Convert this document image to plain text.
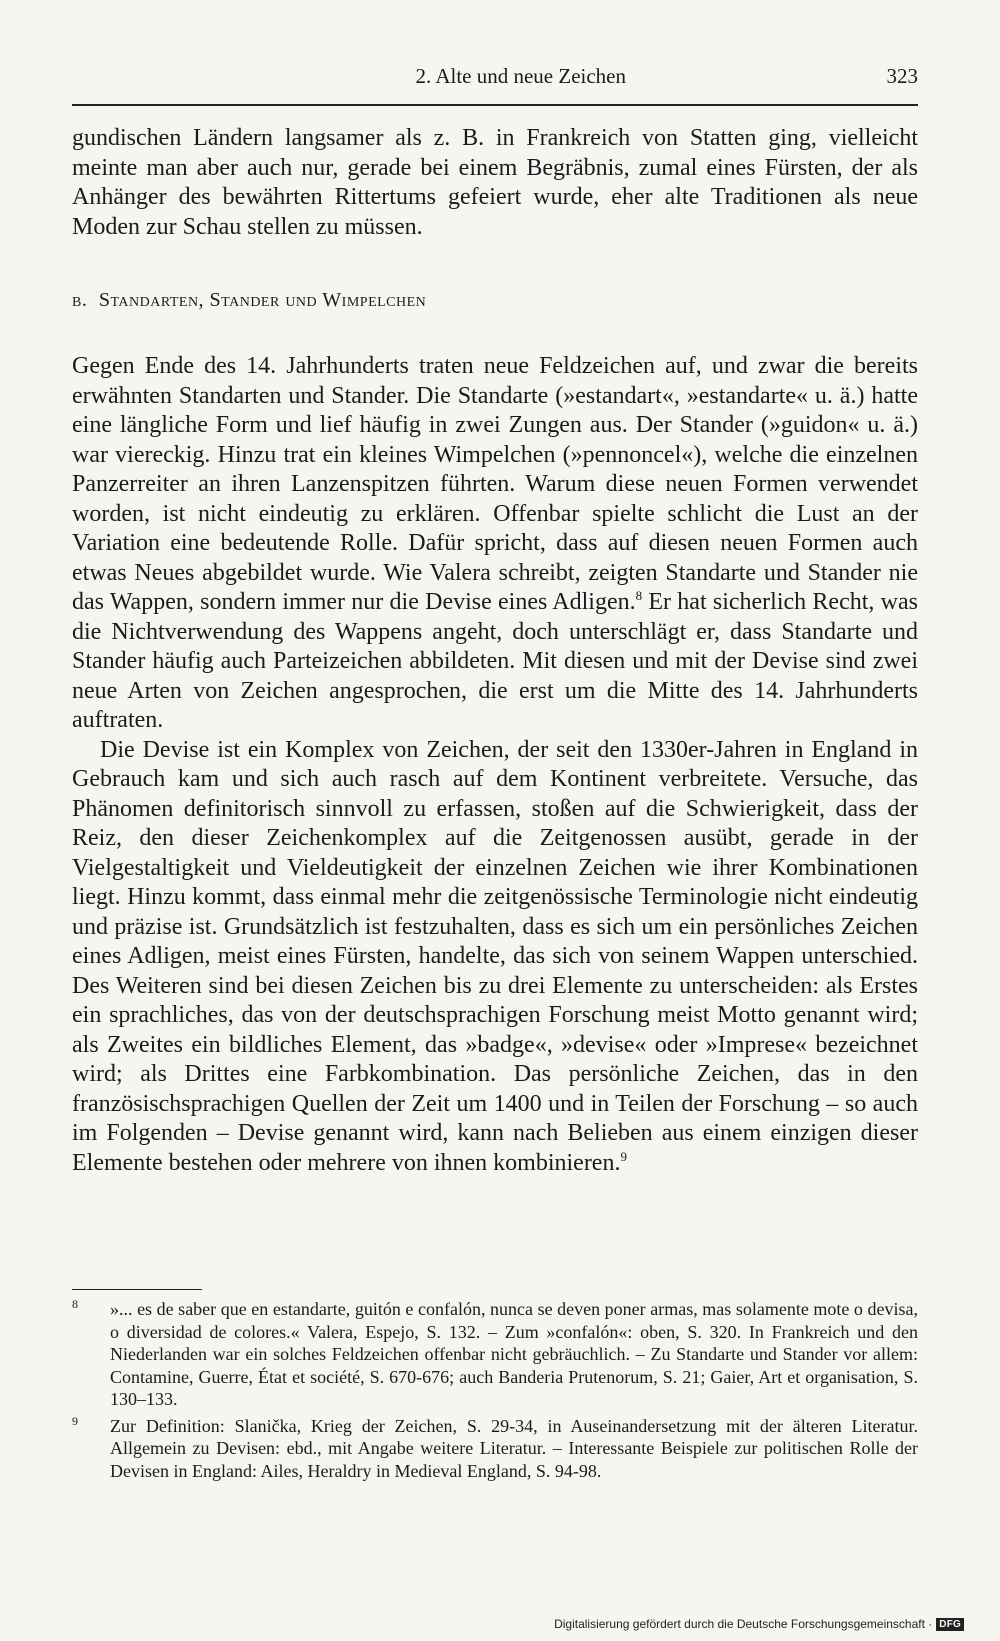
2. Alte und neue Zeichen	323

gundischen Ländern langsamer als z. B. in Frankreich von Statten ging, vielleicht meinte man aber auch nur, gerade bei einem Begräbnis, zumal eines Fürsten, der als Anhänger des bewährten Rittertums gefeiert wurde, eher alte Traditionen als neue Moden zur Schau stellen zu müssen.

b. Standarten, Stander und Wimpelchen

Gegen Ende des 14. Jahrhunderts traten neue Feldzeichen auf, und zwar die bereits erwähnten Standarten und Stander. Die Standarte (»estandart«, »estandarte« u. ä.) hatte eine längliche Form und lief häufig in zwei Zungen aus. Der Stander (»guidon« u. ä.) war viereckig. Hinzu trat ein kleines Wimpelchen (»pennoncel«), welche die einzelnen Panzerreiter an ihren Lanzenspitzen führten. Warum diese neuen Formen verwendet worden, ist nicht eindeutig zu erklären. Offenbar spielte schlicht die Lust an der Variation eine bedeutende Rolle. Dafür spricht, dass auf diesen neuen Formen auch etwas Neues abgebildet wurde. Wie Valera schreibt, zeigten Standarte und Stander nie das Wappen, sondern immer nur die Devise eines Adligen.$^8$ Er hat sicherlich Recht, was die Nichtverwendung des Wappens angeht, doch unterschlägt er, dass Standarte und Stander häufig auch Parteizeichen abbildeten. Mit diesen und mit der Devise sind zwei neue Arten von Zeichen angesprochen, die erst um die Mitte des 14. Jahrhunderts auftraten.

Die Devise ist ein Komplex von Zeichen, der seit den 1330er-Jahren in England in Gebrauch kam und sich auch rasch auf dem Kontinent verbreitete. Versuche, das Phänomen definitorisch sinnvoll zu erfassen, stoßen auf die Schwierigkeit, dass der Reiz, den dieser Zeichenkomplex auf die Zeitgenossen ausübt, gerade in der Vielgestaltigkeit und Vieldeutigkeit der einzelnen Zeichen wie ihrer Kombinationen liegt. Hinzu kommt, dass einmal mehr die zeitgenössische Terminologie nicht eindeutig und präzise ist. Grundsätzlich ist festzuhalten, dass es sich um ein persönliches Zeichen eines Adligen, meist eines Fürsten, handelte, das sich von seinem Wappen unterschied. Des Weiteren sind bei diesen Zeichen bis zu drei Elemente zu unterscheiden: als Erstes ein sprachliches, das von der deutschsprachigen Forschung meist Motto genannt wird; als Zweites ein bildliches Element, das »badge«, »devise« oder »Imprese« bezeichnet wird; als Drittes eine Farbkombination. Das persönliche Zeichen, das in den französischsprachigen Quellen der Zeit um 1400 und in Teilen der Forschung – so auch im Folgenden – Devise genannt wird, kann nach Belieben aus einem einzigen dieser Elemente bestehen oder mehrere von ihnen kombinieren.$^9$

8 »... es de saber que en estandarte, guitón e confalón, nunca se deven poner armas, mas solamente mote o devisa, o diversidad de colores.« Valera, Espejo, S. 132. – Zum »confalón«: oben, S. 320. In Frankreich und den Niederlanden war ein solches Feldzeichen offenbar nicht gebräuchlich. – Zu Standarte und Stander vor allem: Contamine, Guerre, État et société, S. 670-676; auch Banderia Prutenorum, S. 21; Gaier, Art et organisation, S. 130–133.
9 Zur Definition: Slanička, Krieg der Zeichen, S. 29-34, in Auseinandersetzung mit der älteren Literatur. Allgemein zu Devisen: ebd., mit Angabe weitere Literatur. – Interessante Beispiele zur politischen Rolle der Devisen in England: Ailes, Heraldry in Medieval England, S. 94-98.
Digitalisierung gefördert durch die Deutsche Forschungsgemeinschaft · DFG
